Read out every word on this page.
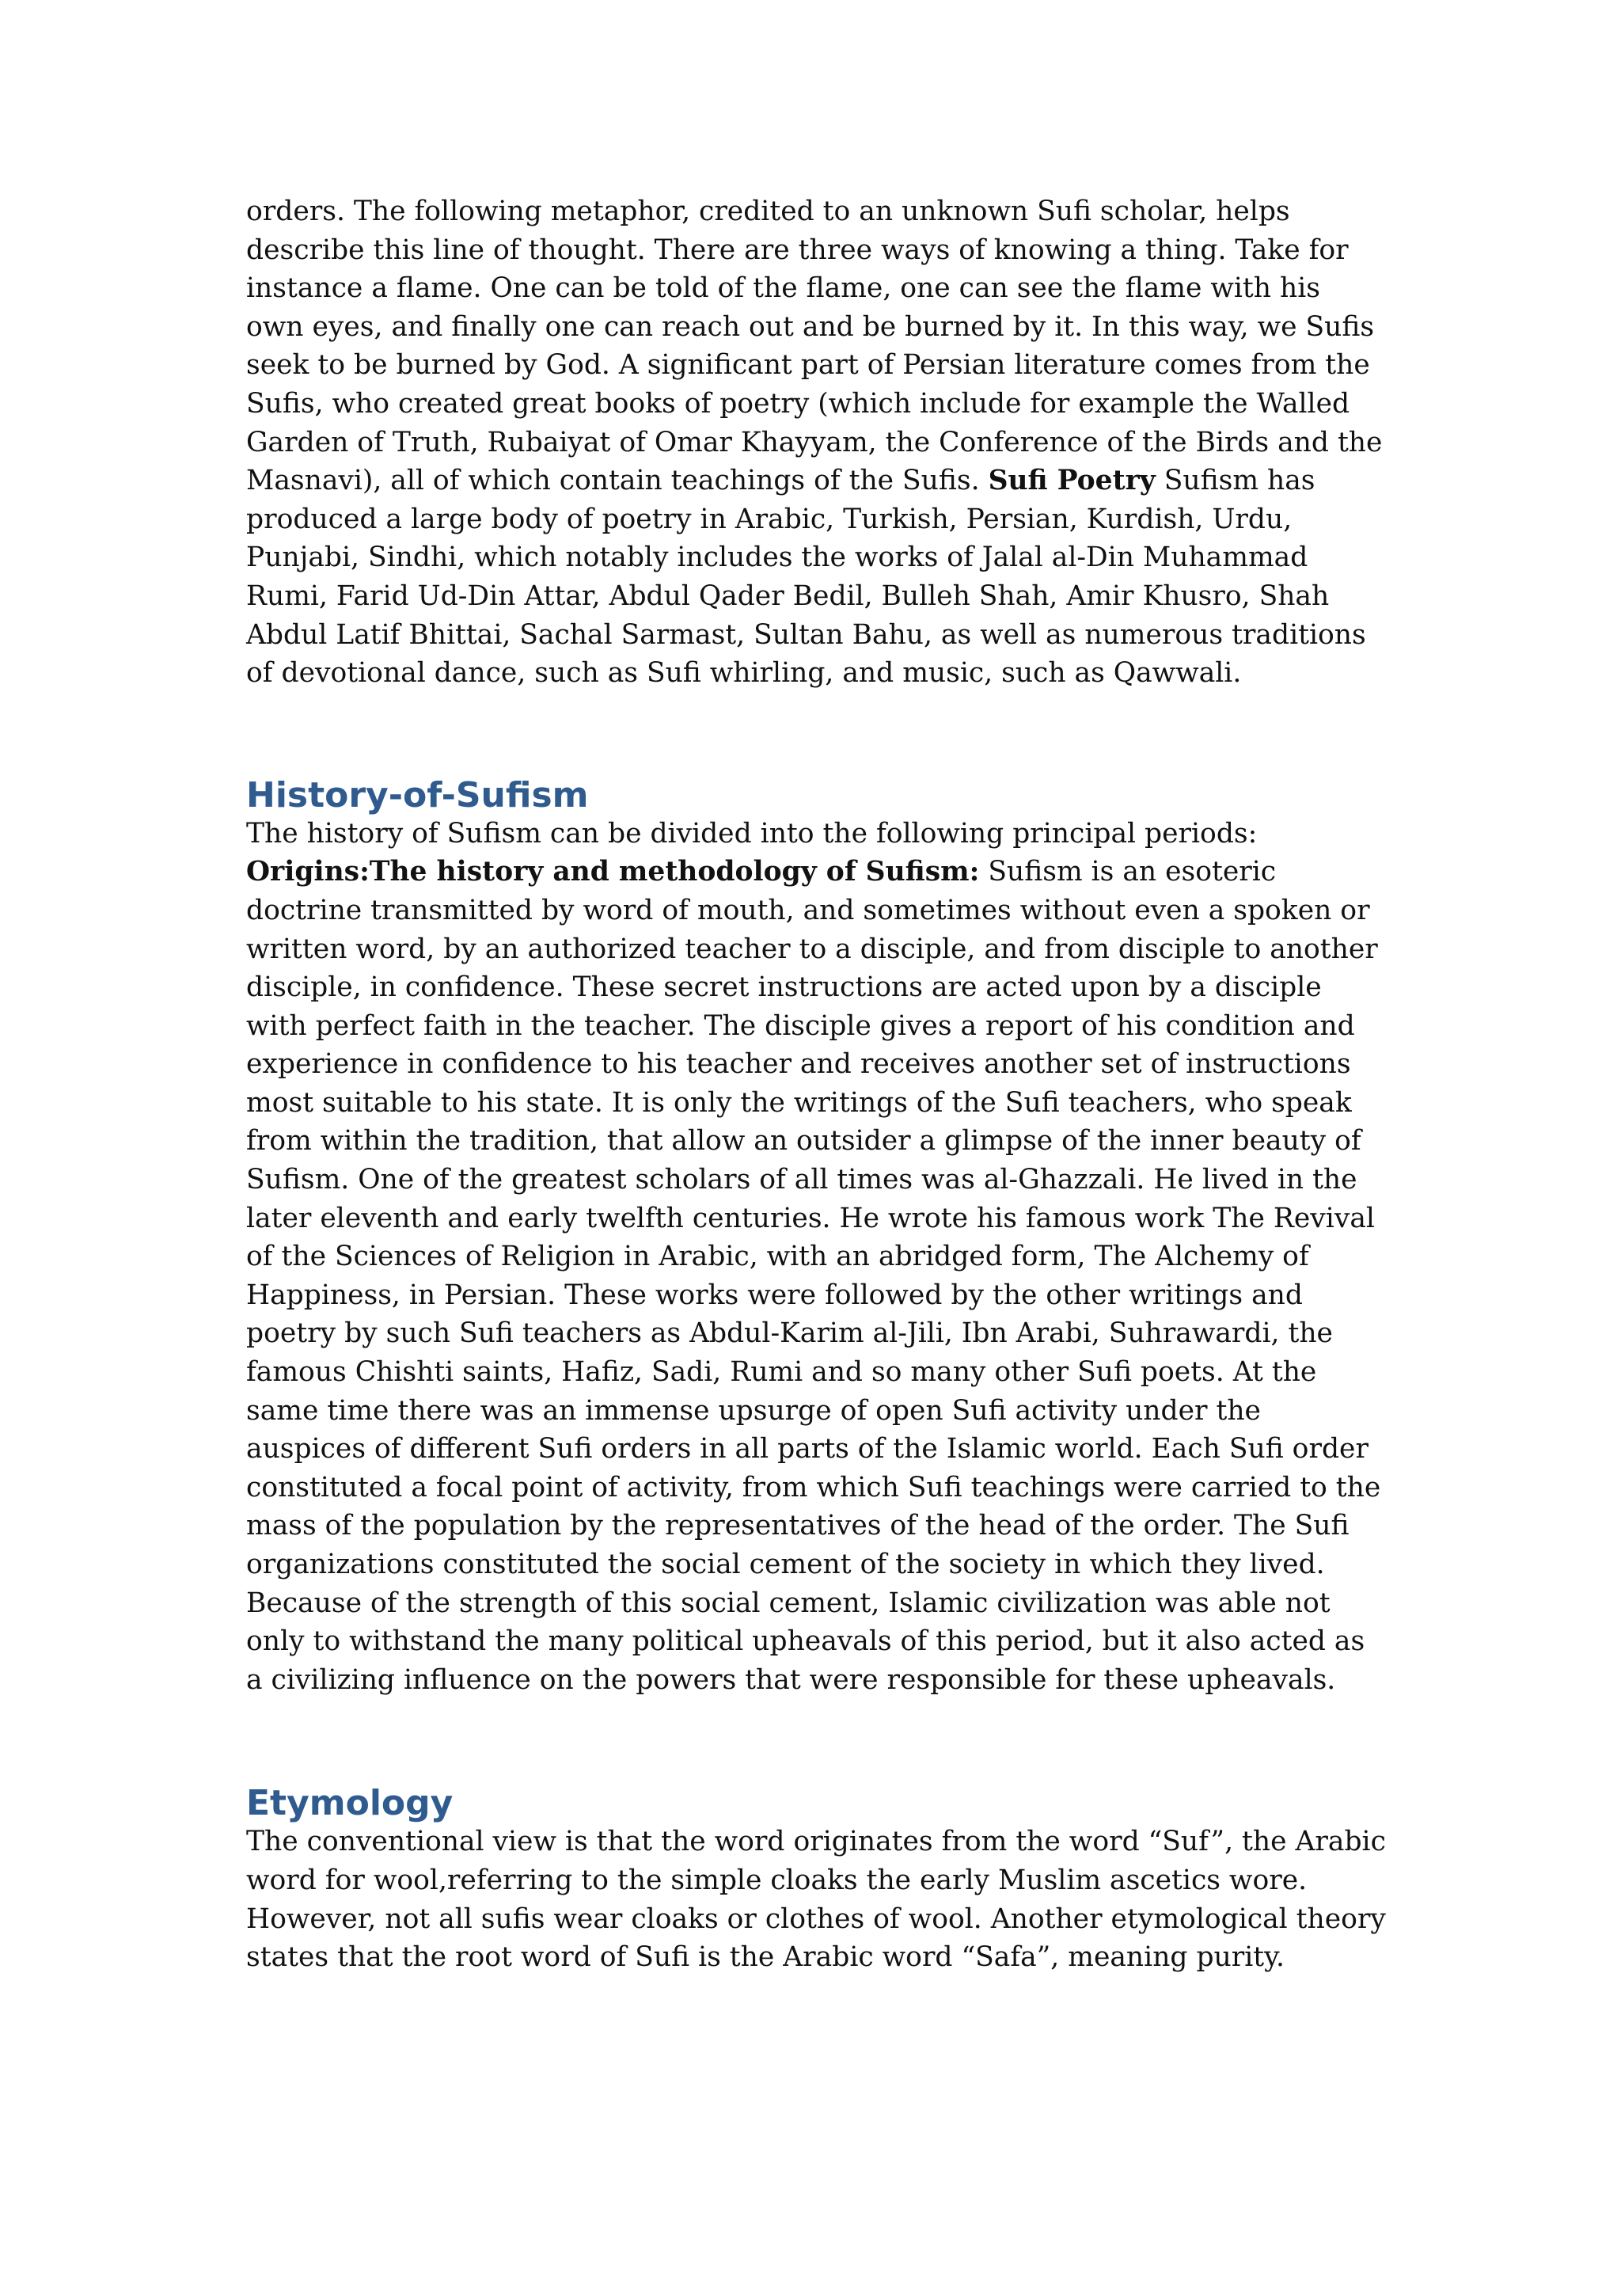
orders. The following metaphor, credited to an unknown Sufi scholar, helps describe this line of thought. There are three ways of knowing a thing. Take for instance a flame. One can be told of the flame, one can see the flame with his own eyes, and finally one can reach out and be burned by it. In this way, we Sufis seek to be burned by God. A significant part of Persian literature comes from the Sufis, who created great books of poetry (which include for example the Walled Garden of Truth, Rubaiyat of Omar Khayyam, the Conference of the Birds and the Masnavi), all of which contain teachings of the Sufis. Sufi Poetry Sufism has produced a large body of poetry in Arabic, Turkish, Persian, Kurdish, Urdu, Punjabi, Sindhi, which notably includes the works of Jalal al-Din Muhammad Rumi, Farid Ud-Din Attar, Abdul Qader Bedil, Bulleh Shah, Amir Khusro, Shah Abdul Latif Bhittai, Sachal Sarmast, Sultan Bahu, as well as numerous traditions of devotional dance, such as Sufi whirling, and music, such as Qawwali.

History-of-Sufism

The history of Sufism can be divided into the following principal periods:
Origins:The history and methodology of Sufism: Sufism is an esoteric doctrine transmitted by word of mouth, and sometimes without even a spoken or written word, by an authorized teacher to a disciple, and from disciple to another disciple, in confidence. These secret instructions are acted upon by a disciple with perfect faith in the teacher. The disciple gives a report of his condition and experience in confidence to his teacher and receives another set of instructions most suitable to his state. It is only the writings of the Sufi teachers, who speak from within the tradition, that allow an outsider a glimpse of the inner beauty of Sufism. One of the greatest scholars of all times was al-Ghazzali. He lived in the later eleventh and early twelfth centuries. He wrote his famous work The Revival of the Sciences of Religion in Arabic, with an abridged form, The Alchemy of Happiness, in Persian. These works were followed by the other writings and poetry by such Sufi teachers as Abdul-Karim al-Jili, Ibn Arabi, Suhrawardi, the famous Chishti saints, Hafiz, Sadi, Rumi and so many other Sufi poets. At the same time there was an immense upsurge of open Sufi activity under the auspices of different Sufi orders in all parts of the Islamic world. Each Sufi order constituted a focal point of activity, from which Sufi teachings were carried to the mass of the population by the representatives of the head of the order. The Sufi organizations constituted the social cement of the society in which they lived. Because of the strength of this social cement, Islamic civilization was able not only to withstand the many political upheavals of this period, but it also acted as a civilizing influence on the powers that were responsible for these upheavals.

Etymology

The conventional view is that the word originates from the word “Suf”, the Arabic word for wool,referring to the simple cloaks the early Muslim ascetics wore. However, not all sufis wear cloaks or clothes of wool. Another etymological theory states that the root word of Sufi is the Arabic word “Safa”, meaning purity.
